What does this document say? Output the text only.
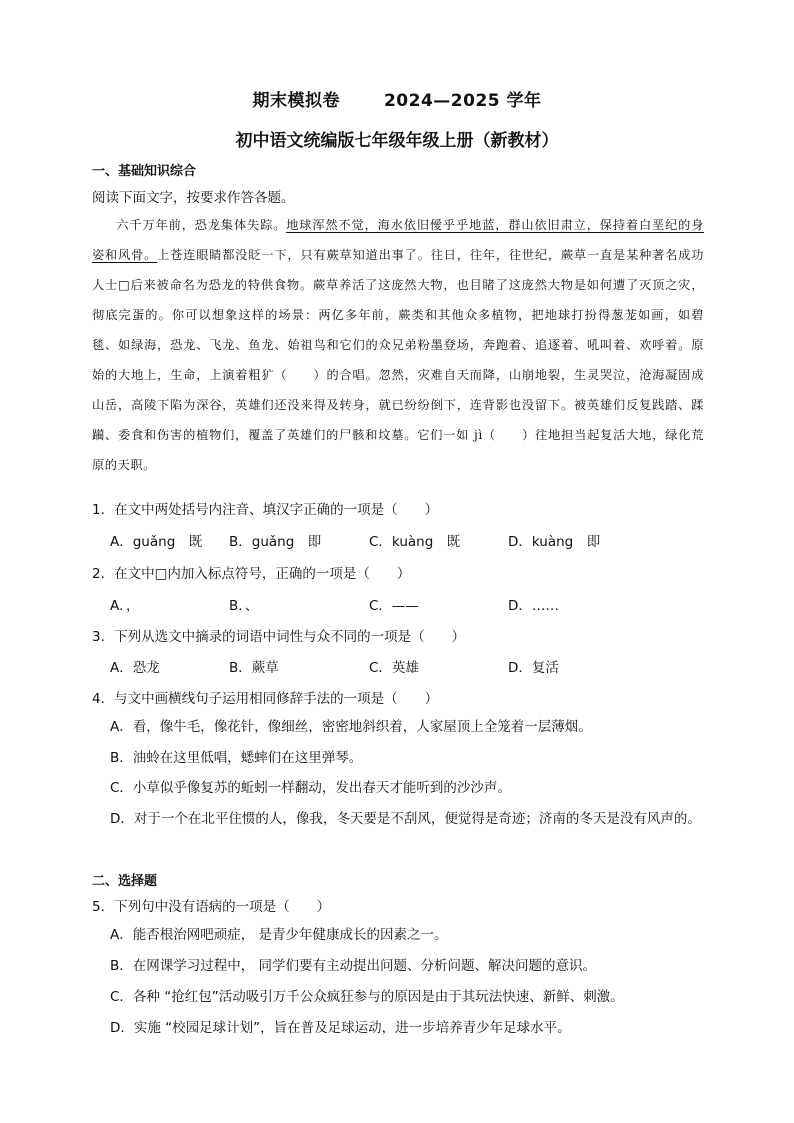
期末模拟卷	2024—2025 学年
初中语文统编版七年级年级上册（新教材）
一、基础知识综合
阅读下面文字，按要求作答各题。
六千万年前，恐龙集体失踪。地球浑然不觉，海水依旧僾乎乎地蓝，群山依旧肃立，保持着白垩纪的身姿和风骨。上苍连眼睛都没眨一下，只有蕨草知道出事了。往日，往年，往世纪，蕨草一直是某种著名成功人士□后来被命名为恐龙的特供食物。蕨草养活了这庞然大物，也目睹了这庞然大物是如何遭了灭顶之灾，彻底完蛋的。你可以想象这样的场景：两亿多年前，蕨类和其他众多植物，把地球打扮得葱茏如画，如碧毯、如绿海，恐龙、飞龙、鱼龙、始祖鸟和它们的众兄弟粉墨登场，奔跑着、追逐着、吼叫着、欢呼着。原始的大地上，生命，上演着粗犷（　　）的合唱。忽然，灾难自天而降，山崩地裂，生灵哭泣，沧海凝固成山岳，高陵下陷为深谷，英雄们还没来得及转身，就已纷纷倒下，连背影也没留下。被英雄们反复践踏、蹂躏、委食和伤害的植物们，覆盖了英雄们的尸骸和坟墓。它们一如 jì（　　）往地担当起复活大地，绿化荒原的天职。
1．在文中两处括号内注音、填汉字正确的一项是（　　）
A．guǎng　既 B．guǎng　即	C．kuàng　既	D．kuàng　即
2．在文中□内加入标点符号，正确的一项是（　　）
A．，	B．、	C．——	D．……
3．下列从选文中摘录的词语中词性与众不同的一项是（　　）
A．恐龙	B．蕨草	C．英雄	D．复活
4．与文中画横线句子运用相同修辞手法的一项是（　　）
A．看，像牛毛，像花针，像细丝，密密地斜织着，人家屋顶上全笼着一层薄烟。
B．油蛉在这里低唱，蟋蟀们在这里弹琴。
C．小草似乎像复苏的蚯蚓一样翻动，发出春天才能听到的沙沙声。
D．对于一个在北平住惯的人，像我，冬天要是不刮风，便觉得是奇迹；济南的冬天是没有风声的。
二、选择题
5．下列句中没有语病的一项是（　　）
A．能否根治网吧顽症， 是青少年健康成长的因素之一。
B．在网课学习过程中， 同学们要有主动提出问题、分析问题、解决问题的意识。
C．各种 “抢红包”活动吸引万千公众疯狂参与的原因是由于其玩法快速、新鲜、刺激。
D．实施 “校园足球计划”，旨在普及足球运动，进一步培养青少年足球水平。
